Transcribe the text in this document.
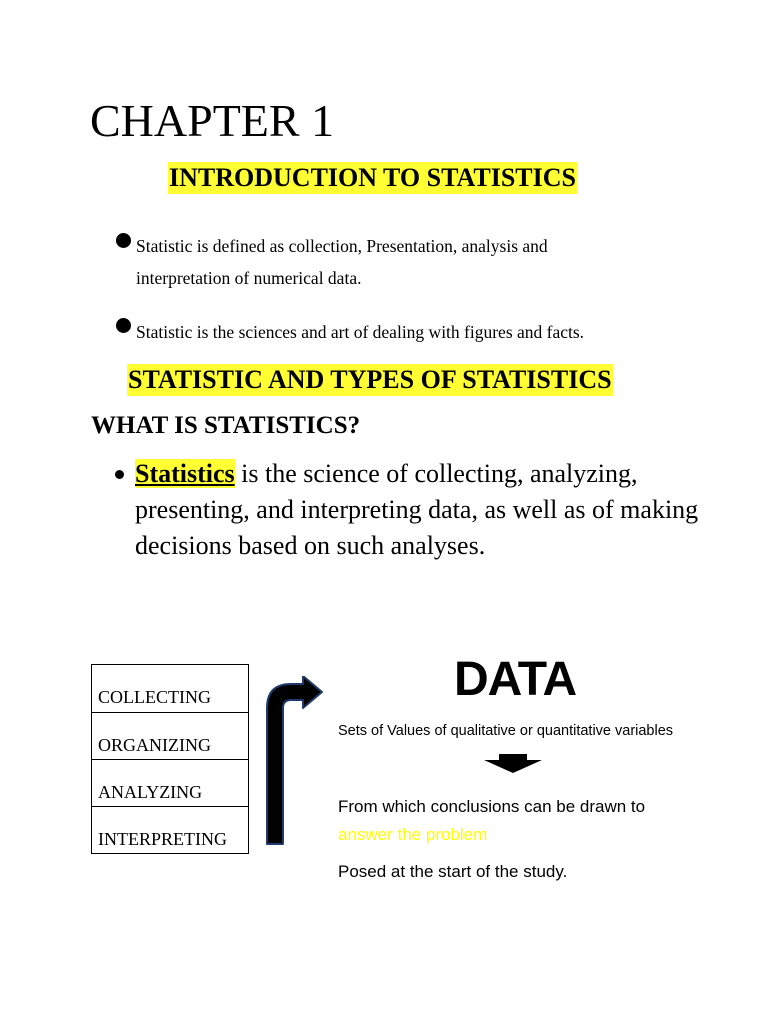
CHAPTER 1
INTRODUCTION TO STATISTICS
Statistic is defined as collection, Presentation, analysis and
interpretation of numerical data.
Statistic is the sciences and art of dealing with figures and facts.
STATISTIC AND TYPES OF STATISTICS
WHAT IS STATISTICS?
Statistics is the science of collecting, analyzing, presenting, and interpreting data, as well as of making decisions based on such analyses.
COLLECTING
ORGANIZING
ANALYZING
INTERPRETING
DATA
Sets of Values of qualitative or quantitative variables
From which conclusions can be drawn to
answer the problem
Posed at the start of the study.
